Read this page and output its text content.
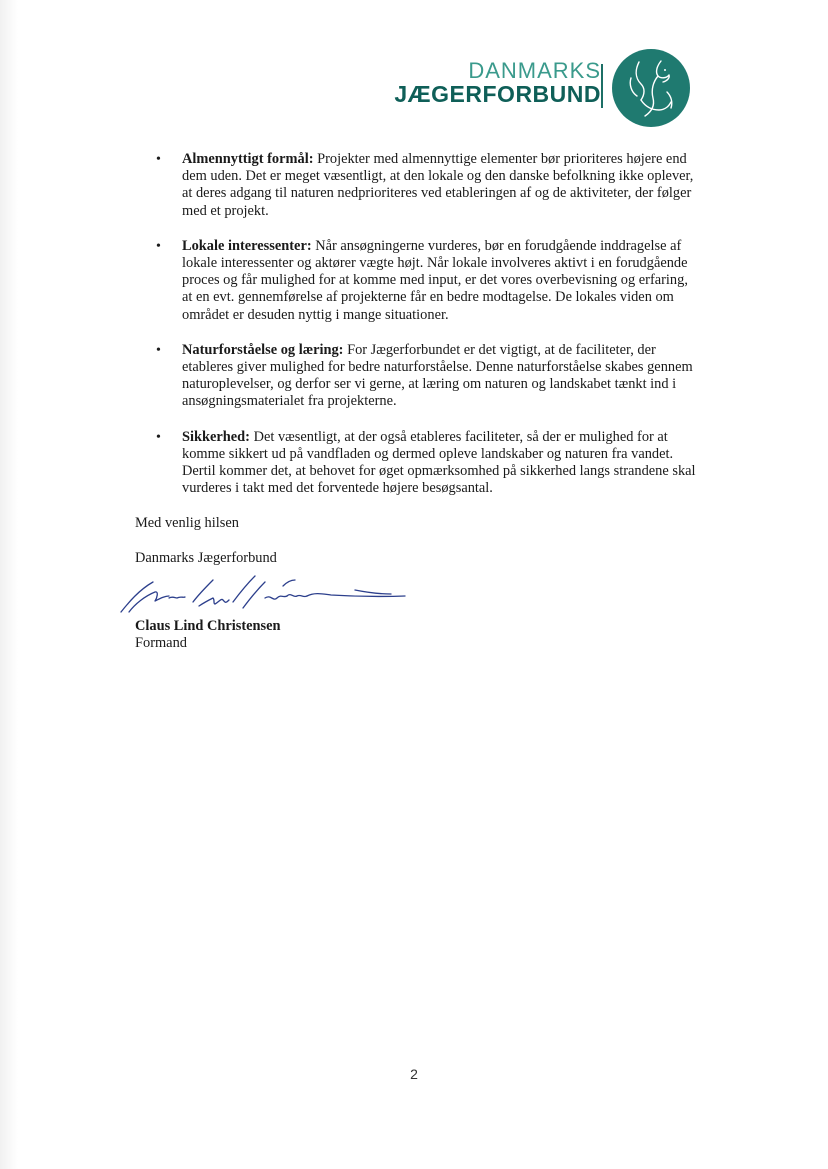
DANMARKS
JÆGERFORBUND
• Almennyttigt formål: Projekter med almennyttige elementer bør prioriteres højere end dem uden. Det er meget væsentligt, at den lokale og den danske befolkning ikke oplever, at deres adgang til naturen nedprioriteres ved etableringen af og de aktiviteter, der følger med et projekt.
• Lokale interessenter: Når ansøgningerne vurderes, bør en forudgående inddragelse af lokale interessenter og aktører vægte højt. Når lokale involveres aktivt i en forudgående proces og får mulighed for at komme med input, er det vores overbevisning og erfaring, at en evt. gennemførelse af projekterne får en bedre modtagelse. De lokales viden om området er desuden nyttig i mange situationer.
• Naturforståelse og læring: For Jægerforbundet er det vigtigt, at de faciliteter, der etableres giver mulighed for bedre naturforståelse. Denne naturforståelse skabes gennem naturoplevelser, og derfor ser vi gerne, at læring om naturen og landskabet tænkt ind i ansøgningsmaterialet fra projekterne.
• Sikkerhed: Det væsentligt, at der også etableres faciliteter, så der er mulighed for at komme sikkert ud på vandfladen og dermed opleve landskaber og naturen fra vandet. Dertil kommer det, at behovet for øget opmærksomhed på sikkerhed langs strandene skal vurderes i takt med det forventede højere besøgsantal.

Med venlig hilsen

Danmarks Jægerforbund

Claus Lind Christensen

Formand

2
